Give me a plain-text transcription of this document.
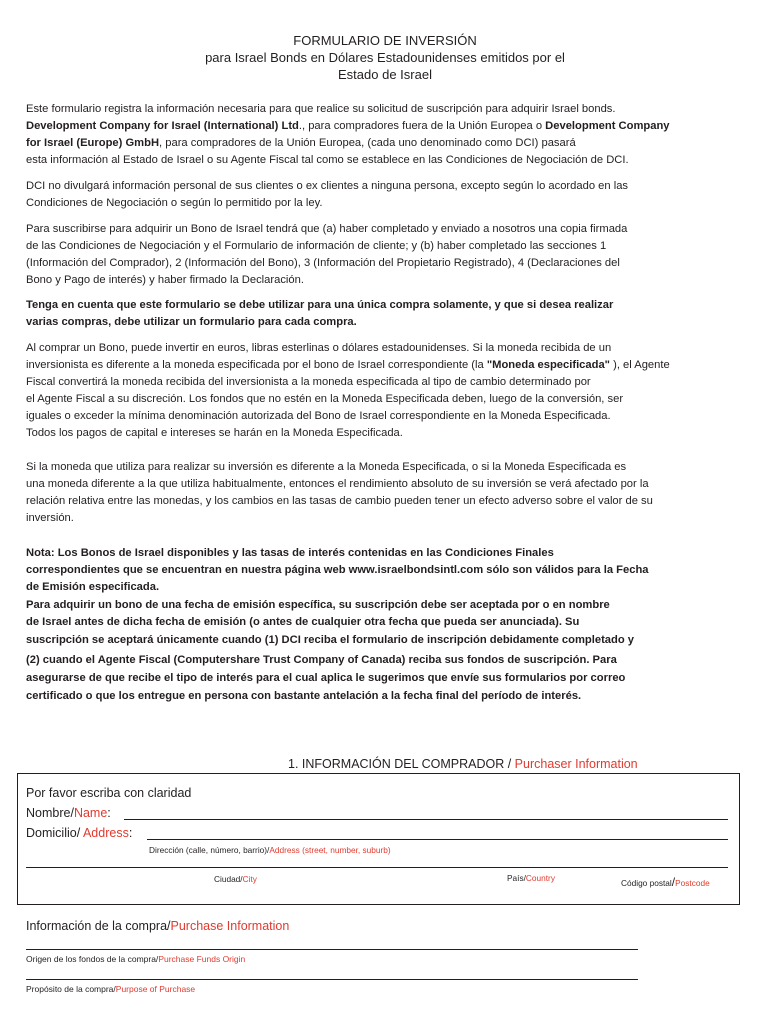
FORMULARIO DE INVERSIÓN
para Israel Bonds en Dólares Estadounidenses emitidos por el
Estado de Israel
Este formulario registra la información necesaria para que realice su solicitud de suscripción para adquirir Israel bonds.
Development Company for Israel (International) Ltd., para compradores fuera de la Unión Europea o Development Company
for Israel (Europe) GmbH, para compradores de la Unión Europea, (cada uno denominado como DCI) pasará
esta información al Estado de Israel o su Agente Fiscal tal como se establece en las Condiciones de Negociación de DCI.
DCI no divulgará información personal de sus clientes o ex clientes a ninguna persona, excepto según lo acordado en las
Condiciones de Negociación o según lo permitido por la ley.
Para suscribirse para adquirir un Bono de Israel tendrá que (a) haber completado y enviado a nosotros una copia firmada
de las Condiciones de Negociación y el Formulario de información de cliente; y (b) haber completado las secciones 1
(Información del Comprador), 2 (Información del Bono), 3 (Información del Propietario Registrado), 4 (Declaraciones del
Bono y Pago de interés) y haber firmado la Declaración.
Tenga en cuenta que este formulario se debe utilizar para una única compra solamente, y que si desea realizar
varias compras, debe utilizar un formulario para cada compra.
Al comprar un Bono, puede invertir en euros, libras esterlinas o dólares estadounidenses. Si la moneda recibida de un
inversionista es diferente a la moneda especificada por el bono de Israel correspondiente (la "Moneda especificada" ), el Agente
Fiscal convertirá la moneda recibida del inversionista a la moneda especificada al tipo de cambio determinado por
el Agente Fiscal a su discreción. Los fondos que no estén en la Moneda Especificada deben, luego de la conversión, ser
iguales o exceder la mínima denominación autorizada del Bono de Israel correspondiente en la Moneda Especificada.
Todos los pagos de capital e intereses se harán en la Moneda Especificada.
Si la moneda que utiliza para realizar su inversión es diferente a la Moneda Especificada, o si la Moneda Especificada es
una moneda diferente a la que utiliza habitualmente, entonces el rendimiento absoluto de su inversión se verá afectado por la
relación relativa entre las monedas, y los cambios en las tasas de cambio pueden tener un efecto adverso sobre el valor de su
inversión.
Nota: Los Bonos de Israel disponibles y las tasas de interés contenidas en las Condiciones Finales
correspondientes que se encuentran en nuestra página web www.israelbondsintl.com sólo son válidos para la Fecha
de Emisión especificada.
Para adquirir un bono de una fecha de emisión específica, su suscripción debe ser aceptada por o en nombre
de Israel antes de dicha fecha de emisión (o antes de cualquier otra fecha que pueda ser anunciada). Su
suscripción se aceptará únicamente cuando (1) DCI reciba el formulario de inscripción debidamente completado y
(2) cuando el Agente Fiscal (Computershare Trust Company of Canada) reciba sus fondos de suscripción. Para
asegurarse de que recibe el tipo de interés para el cual aplica le sugerimos que envíe sus formularios por correo
certificado o que los entregue en persona con bastante antelación a la fecha final del período de interés.
1. INFORMACIÓN DEL COMPRADOR / Purchaser Information
Por favor escriba con claridad
Nombre/Name:
Domicilio/ Address:
Dirección (calle, número, barrio)/Address (street, number, suburb)
Ciudad/City	País/Country	Código postal/Postcode
Información de la compra/Purchase Information
Origen de los fondos de la compra/Purchase Funds Origin
Propósito de la compra/Purpose of Purchase
